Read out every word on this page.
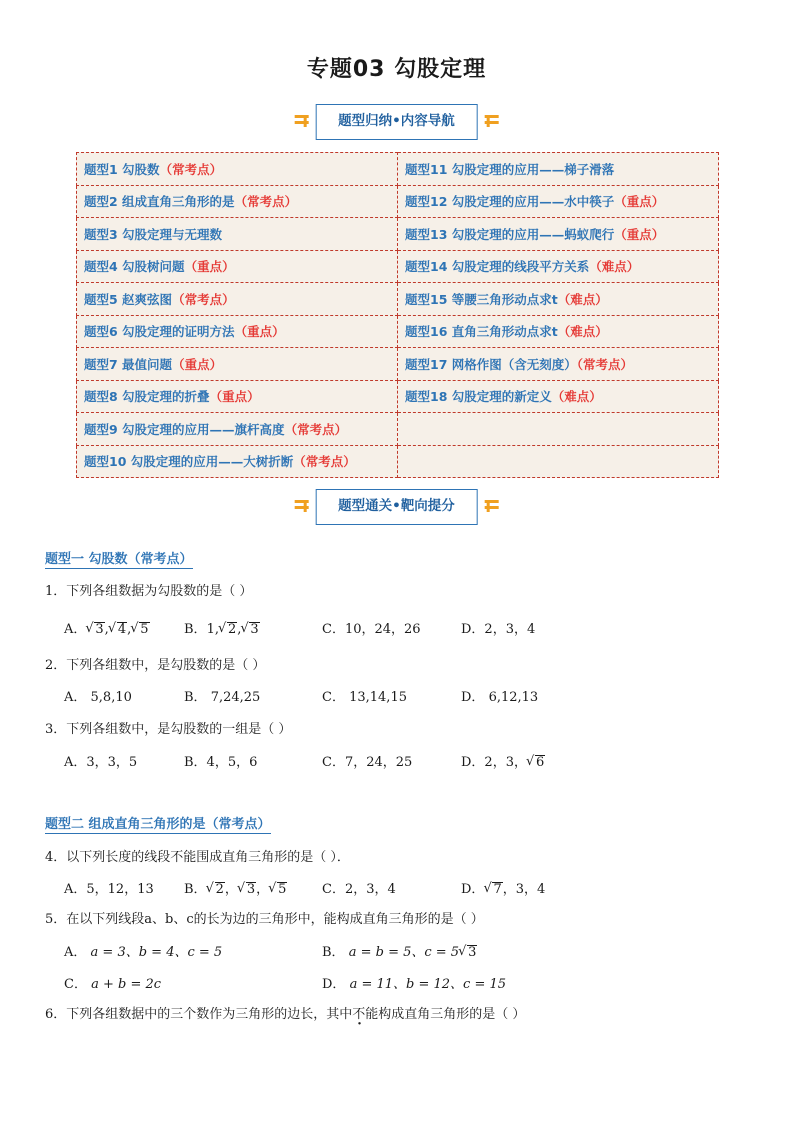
专题03 勾股定理
题型归纳•内容导航
题型1 勾股数（常考点）	题型11 勾股定理的应用——梯子滑落
题型2 组成直角三角形的是（常考点）	题型12 勾股定理的应用——水中筷子（重点）
题型3 勾股定理与无理数	题型13 勾股定理的应用——蚂蚁爬行（重点）
题型4 勾股树问题（重点）	题型14 勾股定理的线段平方关系（难点）
题型5 赵爽弦图（常考点）	题型15 等腰三角形动点求t（难点）
题型6 勾股定理的证明方法（重点）	题型16 直角三角形动点求t（难点）
题型7 最值问题（重点）	题型17 网格作图（含无刻度）（常考点）
题型8 勾股定理的折叠（重点）	题型18 勾股定理的新定义（难点）
题型9 勾股定理的应用——旗杆高度（常考点）	
题型10 勾股定理的应用——大树折断（常考点）	
题型通关•靶向提分
题型一 勾股数（常考点）
1．下列各组数据为勾股数的是（ ）
A． √ 3, √ 4, √ 5	B．1, √ 2, √ 3	C．10，24，26	D．2，3，4
2．下列各组数中，是勾股数的是（ ）
A． 5,8,10	B． 7,24,25	C． 13,14,15	D． 6,12,13
3．下列各组数中，是勾股数的一组是（ ）
A．3，3，5	B．4，5，6	C．7，24，25	D．2，3， √ 6
题型二 组成直角三角形的是（常考点）
4．以下列长度的线段不能围成直角三角形的是（ ）．
A．5，12，13 B． √ 2， √ 3， √ 5	C．2，3，4	D． √ 7，3，4
5．在以下列线段a、b、c的长为边的三角形中，能构成直角三角形的是（ ）
A． a = 3、b = 4、c = 5	B． a = b = 5、c = 5 √ 3
C． a + b = 2c	D． a = 11、b = 12、c = 15
6．下列各组数据中的三个数作为三角形的边长，其中不能构成直角三角形的是（ ）
